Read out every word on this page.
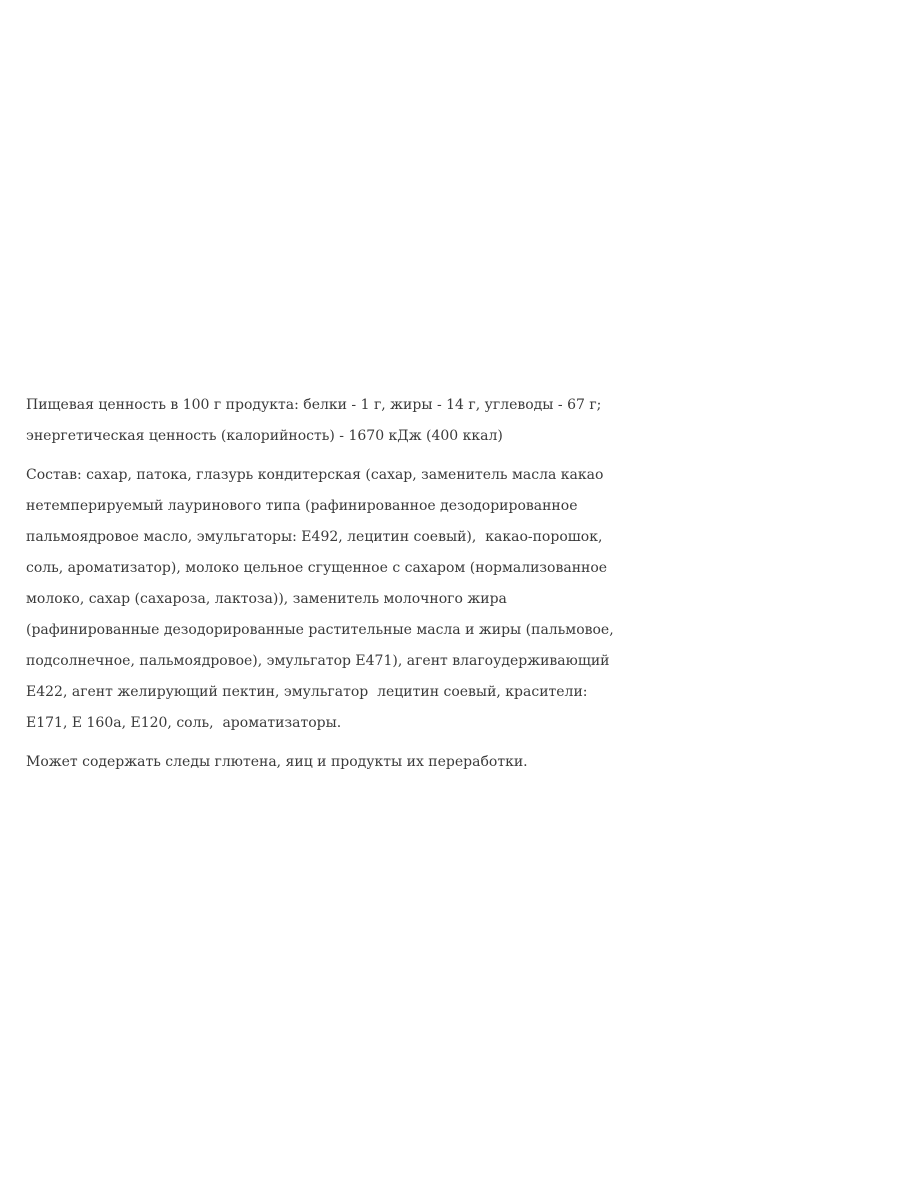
Пищевая ценность в 100 г продукта: белки - 1 г, жиры - 14 г, углеводы - 67 г;
энергетическая ценность (калорийность) - 1670 кДж (400 ккал)

Состав: сахар, патока, глазурь кондитерская (сахар, заменитель масла какао
нетемперируемый лауринового типа (рафинированное дезодорированное
пальмоядровое масло, эмульгаторы: Е492, лецитин соевый),  какао-порошок,
соль, ароматизатор), молоко цельное сгущенное с сахаром (нормализованное
молоко, сахар (сахароза, лактоза)), заменитель молочного жира
(рафинированные дезодорированные растительные масла и жиры (пальмовое,
подсолнечное, пальмоядровое), эмульгатор Е471), агент влагоудерживающий
Е422, агент желирующий пектин, эмульгатор  лецитин соевый, красители:
Е171, Е 160а, Е120, соль,  ароматизаторы.

Может содержать следы глютена, яиц и продукты их переработки.
